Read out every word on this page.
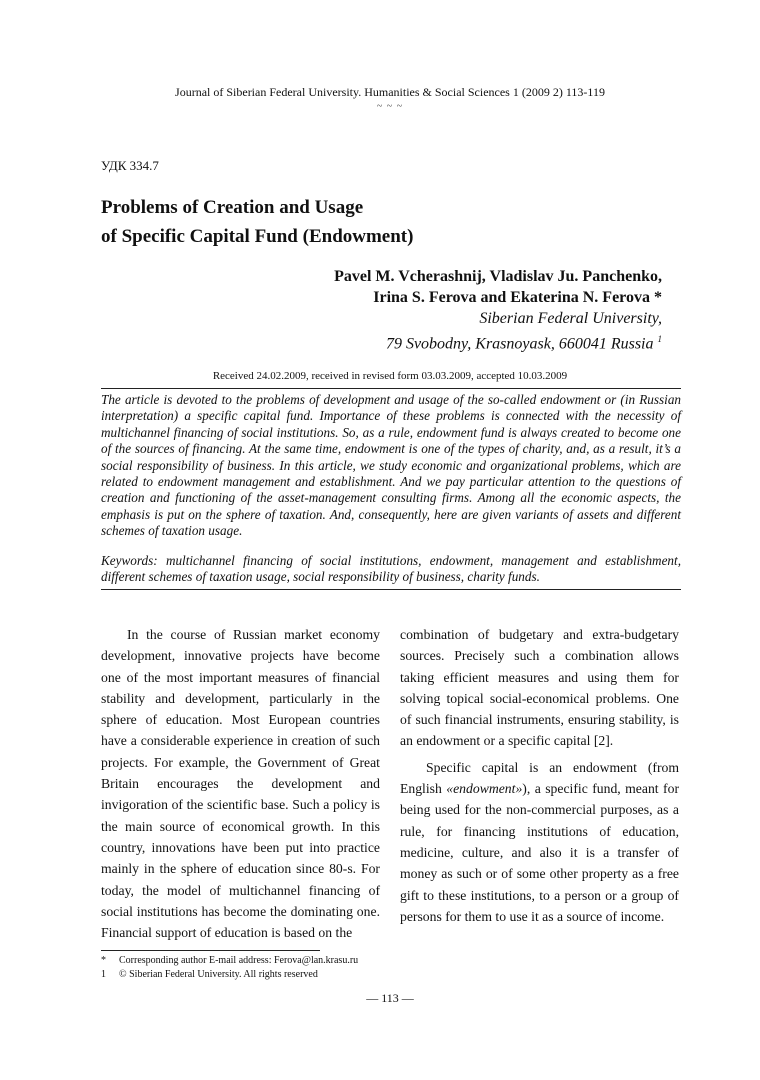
Journal of Siberian Federal University. Humanities & Social Sciences 1 (2009 2) 113-119
~ ~ ~
УДК 334.7
Problems of Creation and Usage
of Specific Capital Fund (Endowment)
Pavel M. Vcherashnij, Vladislav Ju. Panchenko,
Irina S. Ferova and Ekaterina N. Ferova *
Siberian Federal University,
79 Svobodny, Krasnoyask, 660041 Russia $^1$
Received 24.02.2009, received in revised form 03.03.2009, accepted 10.03.2009
The article is devoted to the problems of development and usage of the so-called endowment or (in Russian interpretation) a specific capital fund. Importance of these problems is connected with the necessity of multichannel financing of social institutions. So, as a rule, endowment fund is always created to become one of the sources of financing. At the same time, endowment is one of the types of charity, and, as a result, it’s a social responsibility of business. In this article, we study economic and organizational problems, which are related to endowment management and establishment. And we pay particular attention to the questions of creation and functioning of the asset-management consulting firms. Among all the economic aspects, the emphasis is put on the sphere of taxation. And, consequently, here are given variants of assets and different schemes of taxation usage.
Keywords: multichannel financing of social institutions, endowment, management and establishment, different schemes of taxation usage, social responsibility of business, charity funds.

In the course of Russian market economy development, innovative projects have become one of the most important measures of financial stability and development, particularly in the sphere of education. Most European countries have a considerable experience in creation of such projects. For example, the Government of Great Britain encourages the development and invigoration of the scientific base. Such a policy is the main source of economical growth. In this country, innovations have been put into practice mainly in the sphere of education since 80-s. For today, the model of multichannel financing of social institutions has become the dominating one. Financial support of education is based on the

combination of budgetary and extra-budgetary sources. Precisely such a combination allows taking efficient measures and using them for solving topical social-economical problems. One of such financial instruments, ensuring stability, is an endowment or a specific capital [2].

Specific capital is an endowment (from English «endowment»), a specific fund, meant for being used for the non-commercial purposes, as a rule, for financing institutions of education, medicine, culture, and also it is a transfer of money as such or of some other property as a free gift to these institutions, to a person or a group of persons for them to use it as a source of income.

*	Corresponding author E-mail address: Ferova@lan.krasu.ru
1	© Siberian Federal University. All rights reserved
— 113 —
